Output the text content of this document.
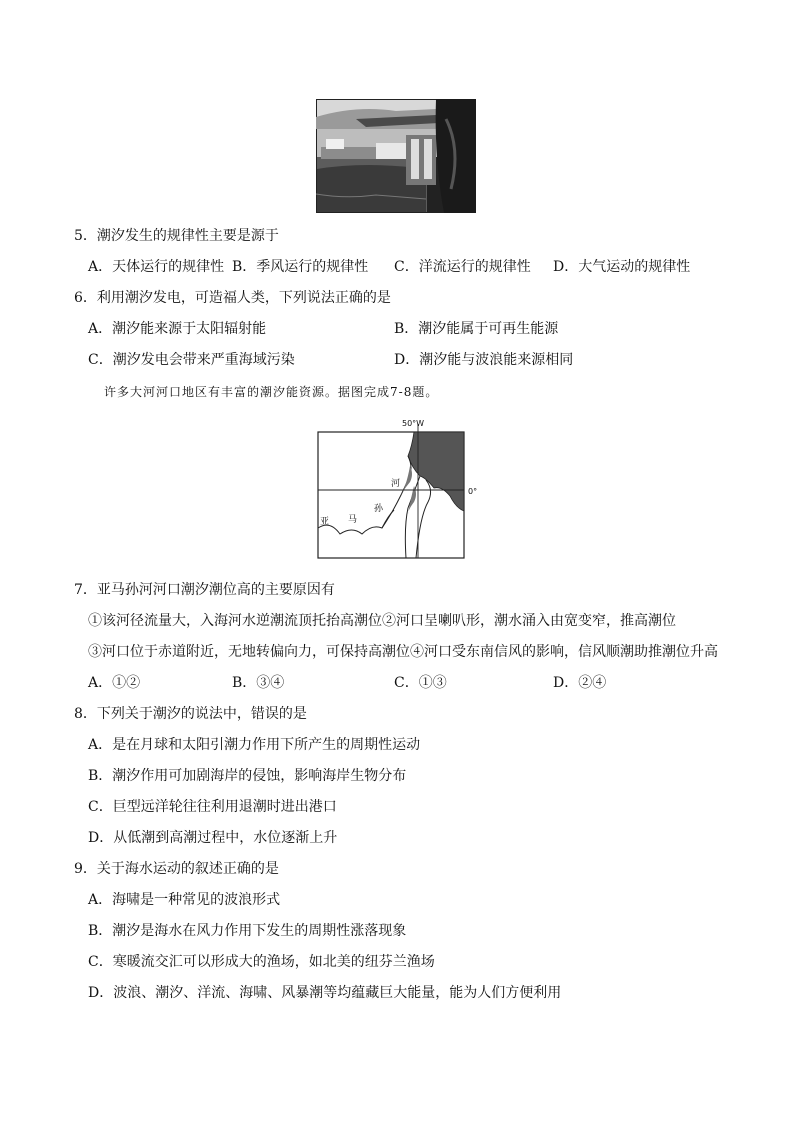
5．潮汐发生的规律性主要是源于
A．天体运行的规律性 B．季风运行的规律性 C．洋流运行的规律性 D．大气运动的规律性
6．利用潮汐发电，可造福人类，下列说法正确的是
A．潮汐能来源于太阳辐射能	B．潮汐能属于可再生能源
C．潮汐发电会带来严重海域污染	D．潮汐能与波浪能来源相同
许多大河河口地区有丰富的潮汐能资源。据图完成7-8题。
50°W
0°
亚 马
孙
河
7．亚马孙河河口潮汐潮位高的主要原因有
①该河径流量大，入海河水逆潮流顶托抬高潮位②河口呈喇叭形，潮水涌入由宽变窄，推高潮位
③河口位于赤道附近，无地转偏向力，可保持高潮位④河口受东南信风的影响，信风顺潮助推潮位升高
A．①②	B．③④	C．①③	D．②④
8．下列关于潮汐的说法中，错误的是
A．是在月球和太阳引潮力作用下所产生的周期性运动
B．潮汐作用可加剧海岸的侵蚀，影响海岸生物分布
C．巨型远洋轮往往利用退潮时进出港口
D．从低潮到高潮过程中，水位逐渐上升
9．关于海水运动的叙述正确的是
A．海啸是一种常见的波浪形式
B．潮汐是海水在风力作用下发生的周期性涨落现象
C．寒暖流交汇可以形成大的渔场，如北美的纽芬兰渔场
D．波浪、潮汐、洋流、海啸、风暴潮等均蕴藏巨大能量，能为人们方便利用
